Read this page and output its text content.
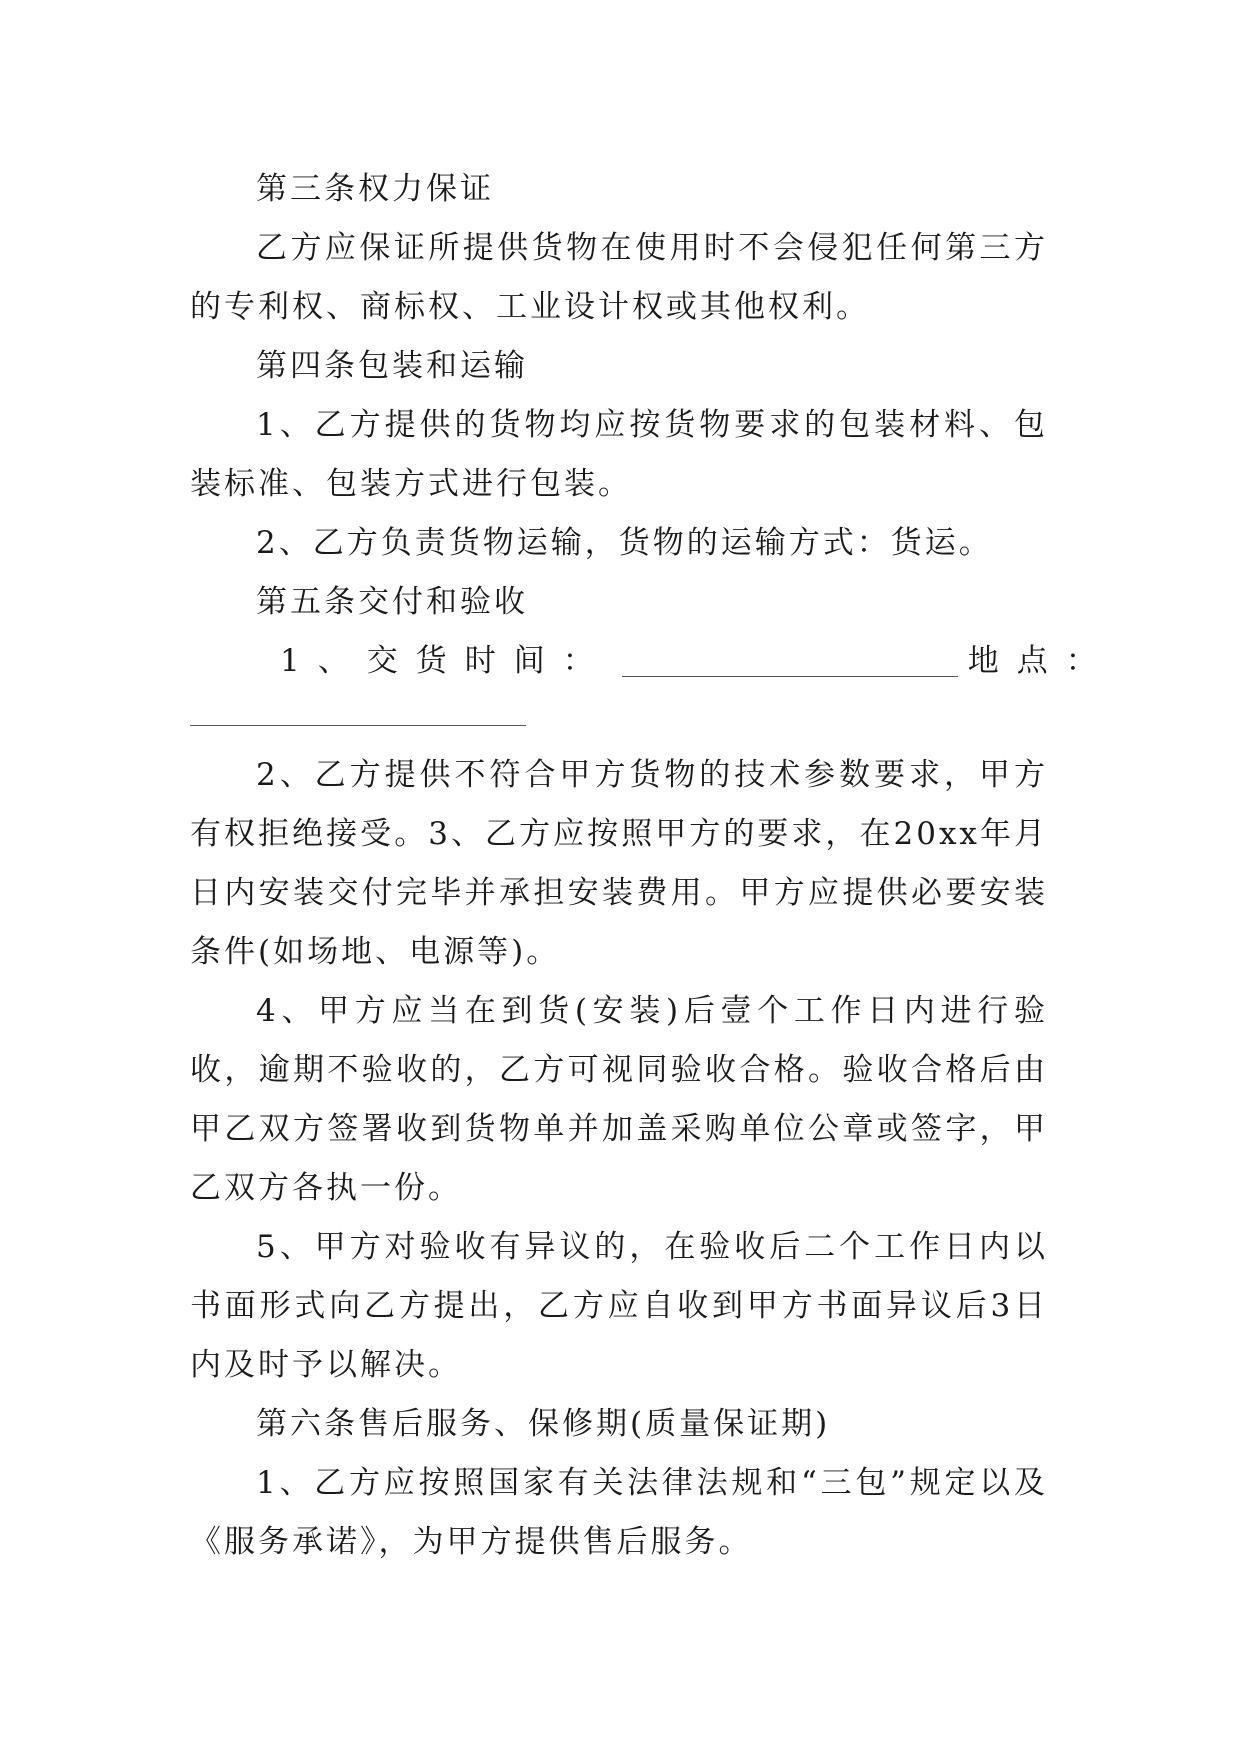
第三条权力保证

乙方应保证所提供货物在使用时不会侵犯任何第三方的专利权、商标权、工业设计权或其他权利。

第四条包装和运输

1、乙方提供的货物均应按货物要求的包装材料、包装标准、包装方式进行包装。

2、乙方负责货物运输，货物的运输方式：货运。

第五条交付和验收

1、交货时间：	地点：

2、乙方提供不符合甲方货物的技术参数要求，甲方有权拒绝接受。3、乙方应按照甲方的要求，在20xx年月日内安装交付完毕并承担安装费用。甲方应提供必要安装条件(如场地、电源等)。

4、甲方应当在到货(安装)后壹个工作日内进行验收，逾期不验收的，乙方可视同验收合格。验收合格后由甲乙双方签署收到货物单并加盖采购单位公章或签字，甲乙双方各执一份。

5、甲方对验收有异议的，在验收后二个工作日内以书面形式向乙方提出，乙方应自收到甲方书面异议后3日内及时予以解决。

第六条售后服务、保修期(质量保证期)

1、乙方应按照国家有关法律法规和“三包”规定以及《服务承诺》，为甲方提供售后服务。
